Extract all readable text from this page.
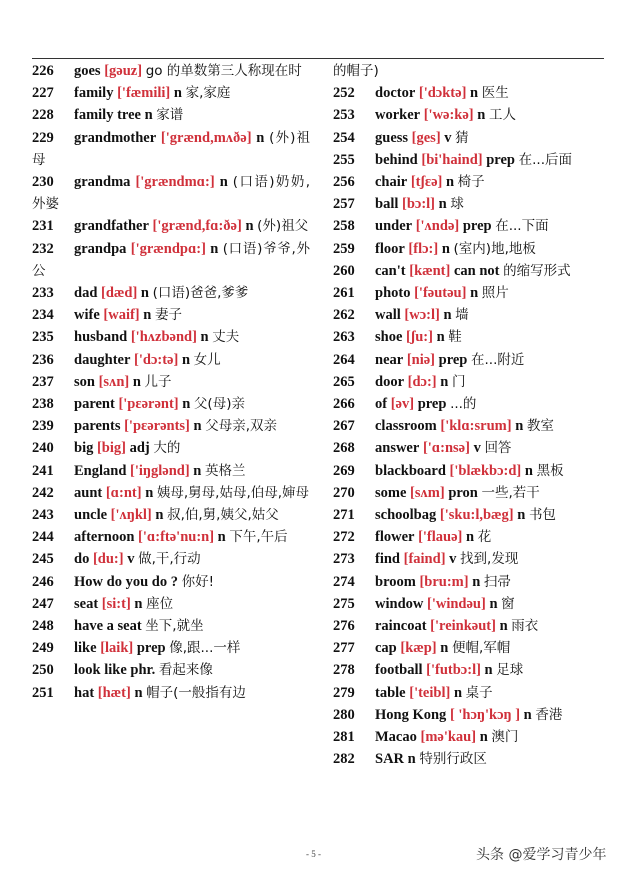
226 goes [gəuz] go 的单数第三人称现在时
227 family ['fæmili] n 家,家庭
228 family tree n 家谱
229 grandmother ['grænd,mʌðə] n (外)祖母
230 grandma ['grændmɑ:] n (口语)奶奶,外婆
231 grandfather ['grænd,fɑ:ðə] n (外)祖父
232 grandpa ['grændpɑ:] n (口语)爷爷,外公
233 dad [dæd] n (口语)爸爸,爹爹
234 wife [waif] n 妻子
235 husband ['hʌzbənd] n 丈夫
236 daughter ['dɔ:tə] n 女儿
237 son [sʌn] n 儿子
238 parent ['pɛərənt] n 父(母)亲
239 parents ['pɛərənts] n 父母亲,双亲
240 big [big] adj 大的
241 England ['iŋglənd] n 英格兰
242 aunt [ɑ:nt] n 姨母,舅母,姑母,伯母,婶母
243 uncle ['ʌŋkl] n 叔,伯,舅,姨父,姑父
244 afternoon ['ɑ:ftə'nu:n] n 下午,午后
245 do [du:] v 做,干,行动
246 How do you do ? 你好!
247 seat [si:t] n 座位
248 have a seat 坐下,就坐
249 like [laik] prep 像,跟...一样
250 look like phr. 看起来像
251 hat [hæt] n 帽子(一般指有边
的帽子)
252 doctor ['dɔktə] n 医生
253 worker ['wə:kə] n 工人
254 guess [ges] v 猜
255 behind [bi'haind] prep 在...后面
256 chair [tʃɛə] n 椅子
257 ball [bɔ:l] n 球
258 under ['ʌndə] prep 在...下面
259 floor [flɔ:] n (室内)地,地板
260 can't [kænt] can not 的缩写形式
261 photo ['fəutəu] n 照片
262 wall [wɔ:l] n 墙
263 shoe [ʃu:] n 鞋
264 near [niə] prep 在...附近
265 door [dɔ:] n 门
266 of [əv] prep ...的
267 classroom ['klɑ:srum] n 教室
268 answer ['ɑ:nsə] v 回答
269 blackboard ['blækbɔ:d] n 黑板
270 some [sʌm] pron 一些,若干
271 schoolbag ['sku:l,bæg] n 书包
272 flower ['flauə] n 花
273 find [faind] v 找到,发现
274 broom [bru:m] n 扫帚
275 window ['windəu] n 窗
276 raincoat ['reinkəut] n 雨衣
277 cap [kæp] n 便帽,军帽
278 football ['futbɔ:l] n 足球
279 table ['teibl] n 桌子
280 Hong Kong [ 'hɔŋ'kɔŋ ] n 香港
281 Macao [mə'kau] n 澳门
282 SAR n 特别行政区
- 5 -	头条 @爱学习青少年
